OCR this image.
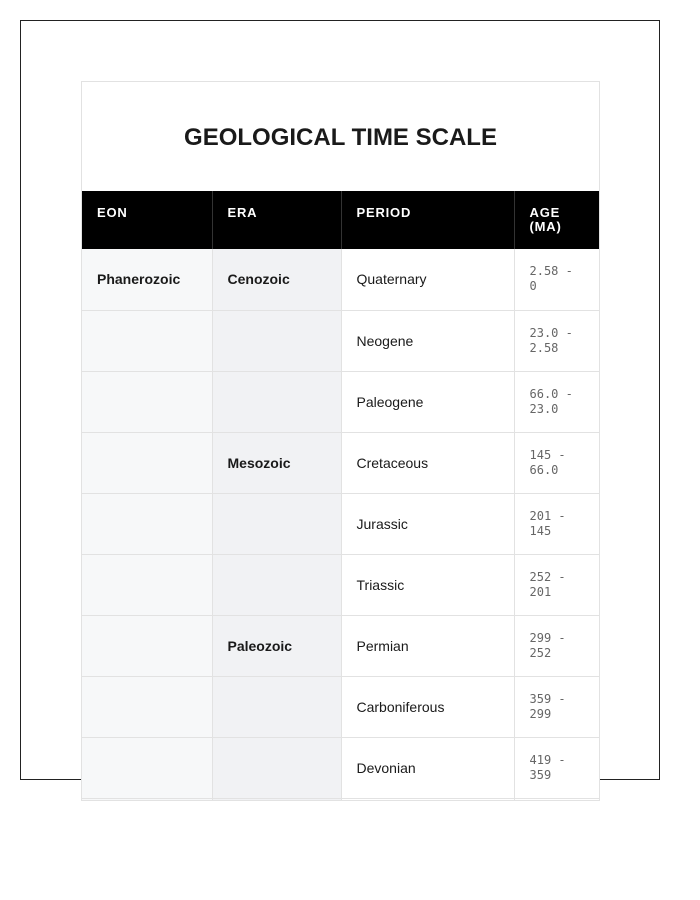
GEOLOGICAL TIME SCALE
EON	ERA	PERIOD	AGE (MA)

Phanerozoic	Cenozoic	Quaternary	2.58 - 0

		Neogene	23.0 - 2.58

		Paleogene	66.0 - 23.0

	Mesozoic	Cretaceous	145 - 66.0

		Jurassic	201 - 145

		Triassic	252 - 201

	Paleozoic	Permian	299 - 252

		Carboniferous	359 - 299

		Devonian	419 - 359
